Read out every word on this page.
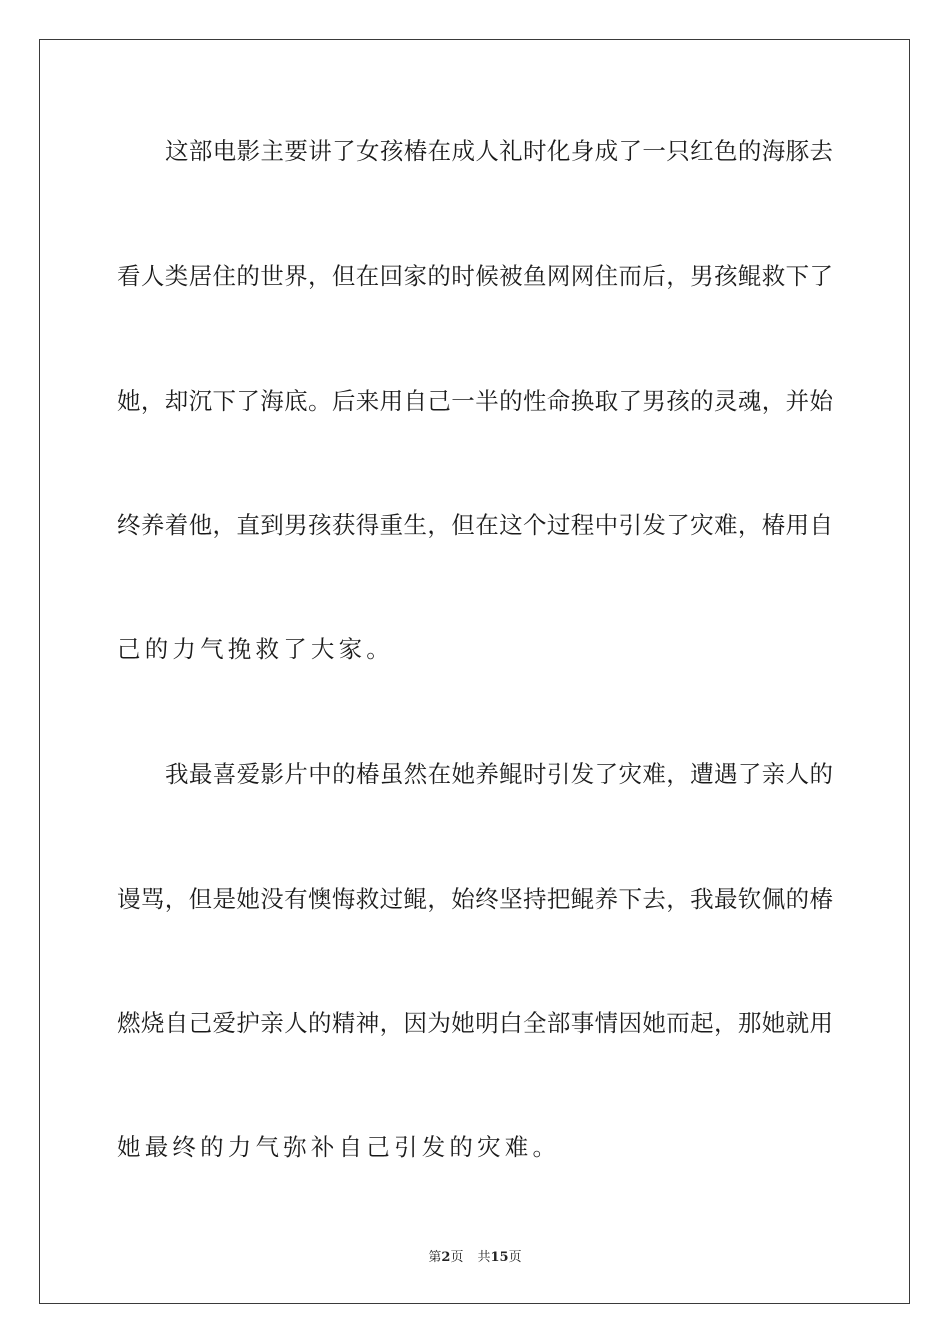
这部电影主要讲了女孩椿在成人礼时化身成了一只红色的海豚去
看人类居住的世界，但在回家的时候被鱼网网住而后，男孩鲲救下了
她，却沉下了海底。后来用自己一半的性命换取了男孩的灵魂，并始
终养着他，直到男孩获得重生，但在这个过程中引发了灾难，椿用自
己的力气挽救了大家。
我最喜爱影片中的椿虽然在她养鲲时引发了灾难，遭遇了亲人的
谩骂，但是她没有懊悔救过鲲，始终坚持把鲲养下去，我最钦佩的椿
燃烧自己爱护亲人的精神，因为她明白全部事情因她而起，那她就用
她最终的力气弥补自己引发的灾难。
第2页 共15页
